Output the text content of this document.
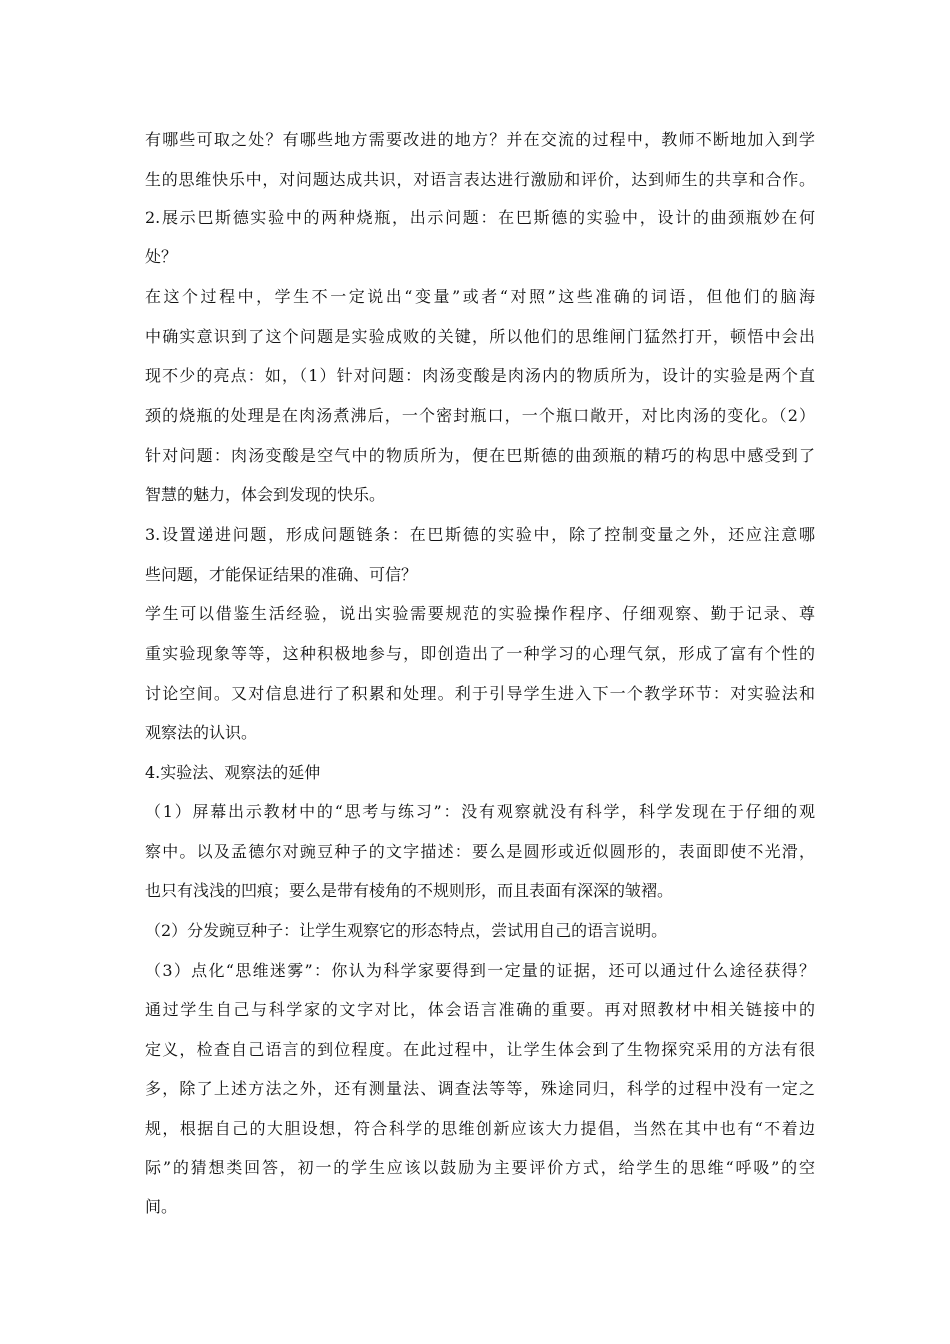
有哪些可取之处？有哪些地方需要改进的地方？并在交流的过程中，教师不断地加入到学
生的思维快乐中，对问题达成共识，对语言表达进行激励和评价，达到师生的共享和合作。
2.展示巴斯德实验中的两种烧瓶，出示问题：在巴斯德的实验中，设计的曲颈瓶妙在何
处？
在这个过程中，学生不一定说出“变量”或者“对照”这些准确的词语，但他们的脑海
中确实意识到了这个问题是实验成败的关键，所以他们的思维闸门猛然打开，顿悟中会出
现不少的亮点：如，（1）针对问题：肉汤变酸是肉汤内的物质所为，设计的实验是两个直
颈的烧瓶的处理是在肉汤煮沸后，一个密封瓶口，一个瓶口敞开，对比肉汤的变化。（2）
针对问题：肉汤变酸是空气中的物质所为，便在巴斯德的曲颈瓶的精巧的构思中感受到了
智慧的魅力，体会到发现的快乐。
3.设置递进问题，形成问题链条：在巴斯德的实验中，除了控制变量之外，还应注意哪
些问题，才能保证结果的准确、可信？
学生可以借鉴生活经验，说出实验需要规范的实验操作程序、仔细观察、勤于记录、尊
重实验现象等等，这种积极地参与，即创造出了一种学习的心理气氛，形成了富有个性的
讨论空间。又对信息进行了积累和处理。利于引导学生进入下一个教学环节：对实验法和
观察法的认识。
4.实验法、观察法的延伸
（1）屏幕出示教材中的“思考与练习”：没有观察就没有科学，科学发现在于仔细的观
察中。以及孟德尔对豌豆种子的文字描述：要么是圆形或近似圆形的，表面即使不光滑，
也只有浅浅的凹痕；要么是带有棱角的不规则形，而且表面有深深的皱褶。
（2）分发豌豆种子：让学生观察它的形态特点，尝试用自己的语言说明。
（3）点化“思维迷雾”：你认为科学家要得到一定量的证据，还可以通过什么途径获得？
通过学生自己与科学家的文字对比，体会语言准确的重要。再对照教材中相关链接中的
定义，检查自己语言的到位程度。在此过程中，让学生体会到了生物探究采用的方法有很
多，除了上述方法之外，还有测量法、调查法等等，殊途同归，科学的过程中没有一定之
规，根据自己的大胆设想，符合科学的思维创新应该大力提倡，当然在其中也有“不着边
际”的猜想类回答，初一的学生应该以鼓励为主要评价方式，给学生的思维“呼吸”的空
间。
